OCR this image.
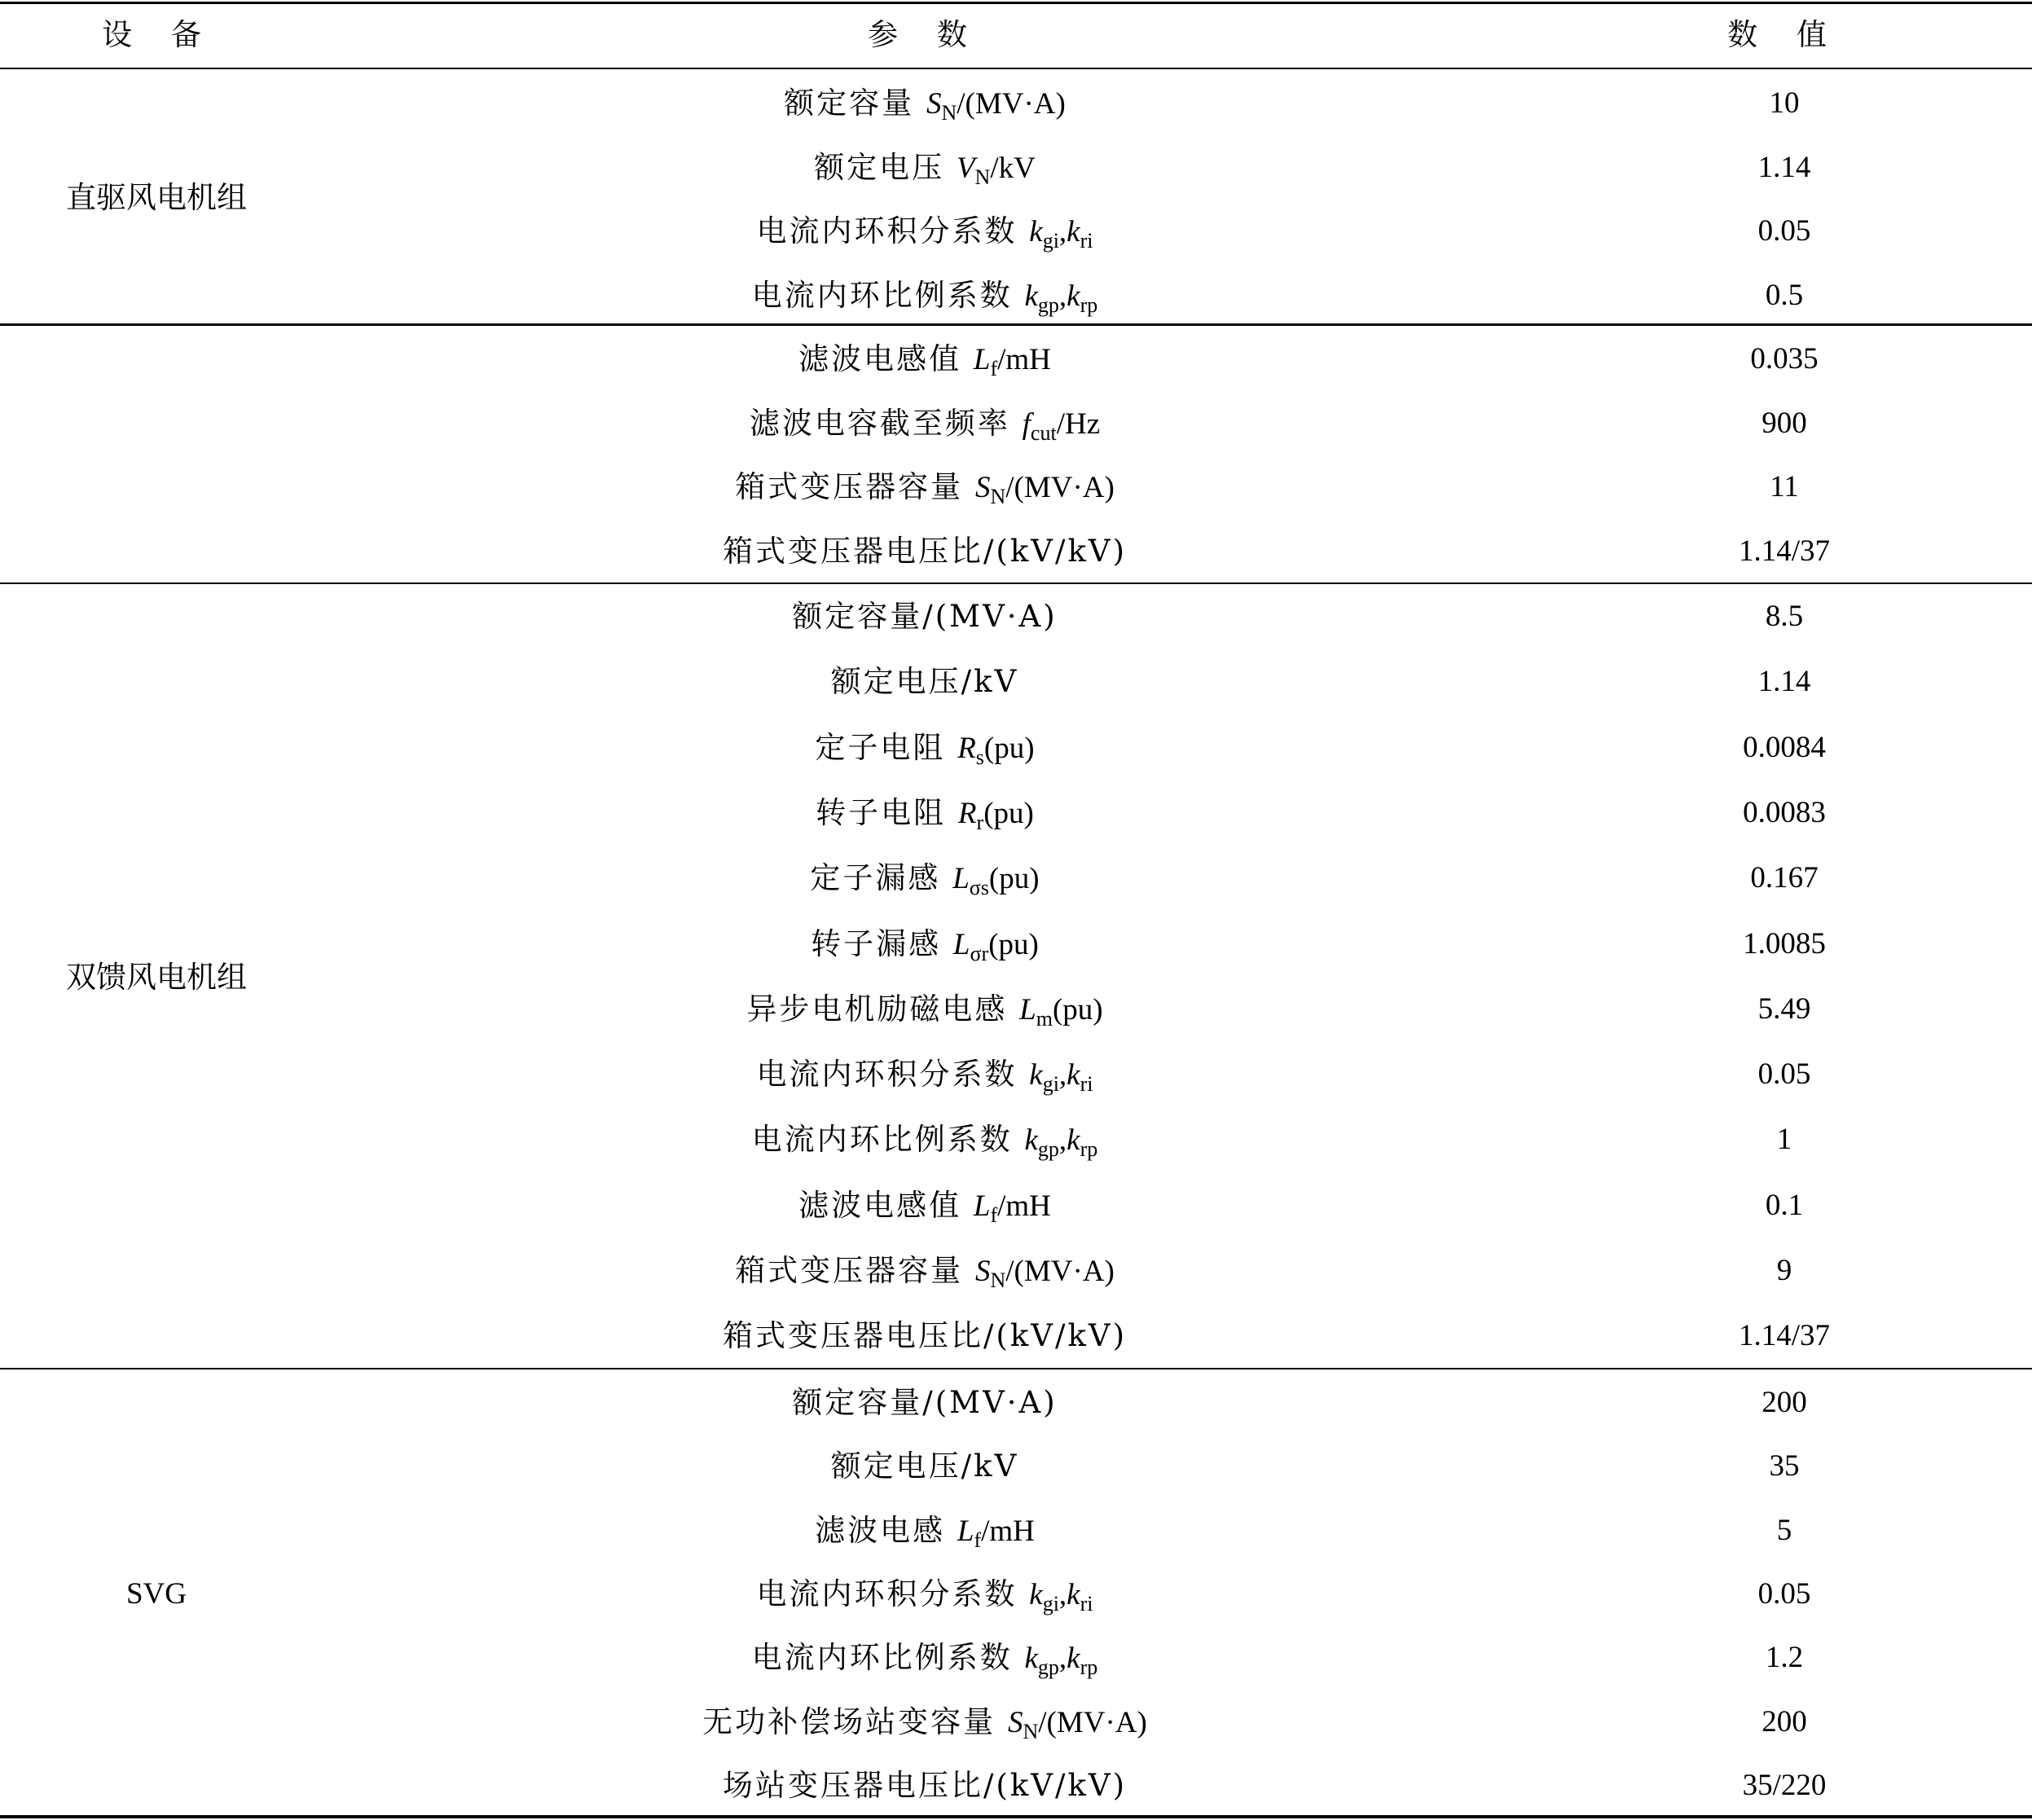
设 备	参 数	数 值
直驱风电机组
额定容量 $S_N/(MV\cdot A)$	10
额定电压 $V_N/kV$	1.14
电流内环积分系数 $k_{gi},k_{ri}$	0.05
电流内环比例系数 $k_{gp},k_{rp}$	0.5
滤波电感值 $L_f/mH$	0.035
滤波电容截至频率 $f_{cut}/Hz$	900
箱式变压器容量 $S_N/(MV\cdot A)$	11
箱式变压器电压比/(kV/kV)	1.14/37
双馈风电机组
额定容量/(MV·A)	8.5
额定电压/kV	1.14
定子电阻 $R_s(pu)$	0.0084
转子电阻 $R_r(pu)$	0.0083
定子漏感 $L_{\sigma s}(pu)$	0.167
转子漏感 $L_{\sigma r}(pu)$	1.0085
异步电机励磁电感 $L_m(pu)$	5.49
电流内环积分系数 $k_{gi},k_{ri}$	0.05
电流内环比例系数 $k_{gp},k_{rp}$	1
滤波电感值 $L_f/mH$	0.1
箱式变压器容量 $S_N/(MV\cdot A)$	9
箱式变压器电压比/(kV/kV)	1.14/37
SVG
额定容量/(MV·A)	200
额定电压/kV	35
滤波电感 $L_f/mH$	5
电流内环积分系数 $k_{gi},k_{ri}$	0.05
电流内环比例系数 $k_{gp},k_{rp}$	1.2
无功补偿场站变容量 $S_N/(MV\cdot A)$	200
场站变压器电压比/(kV/kV)	35/220
